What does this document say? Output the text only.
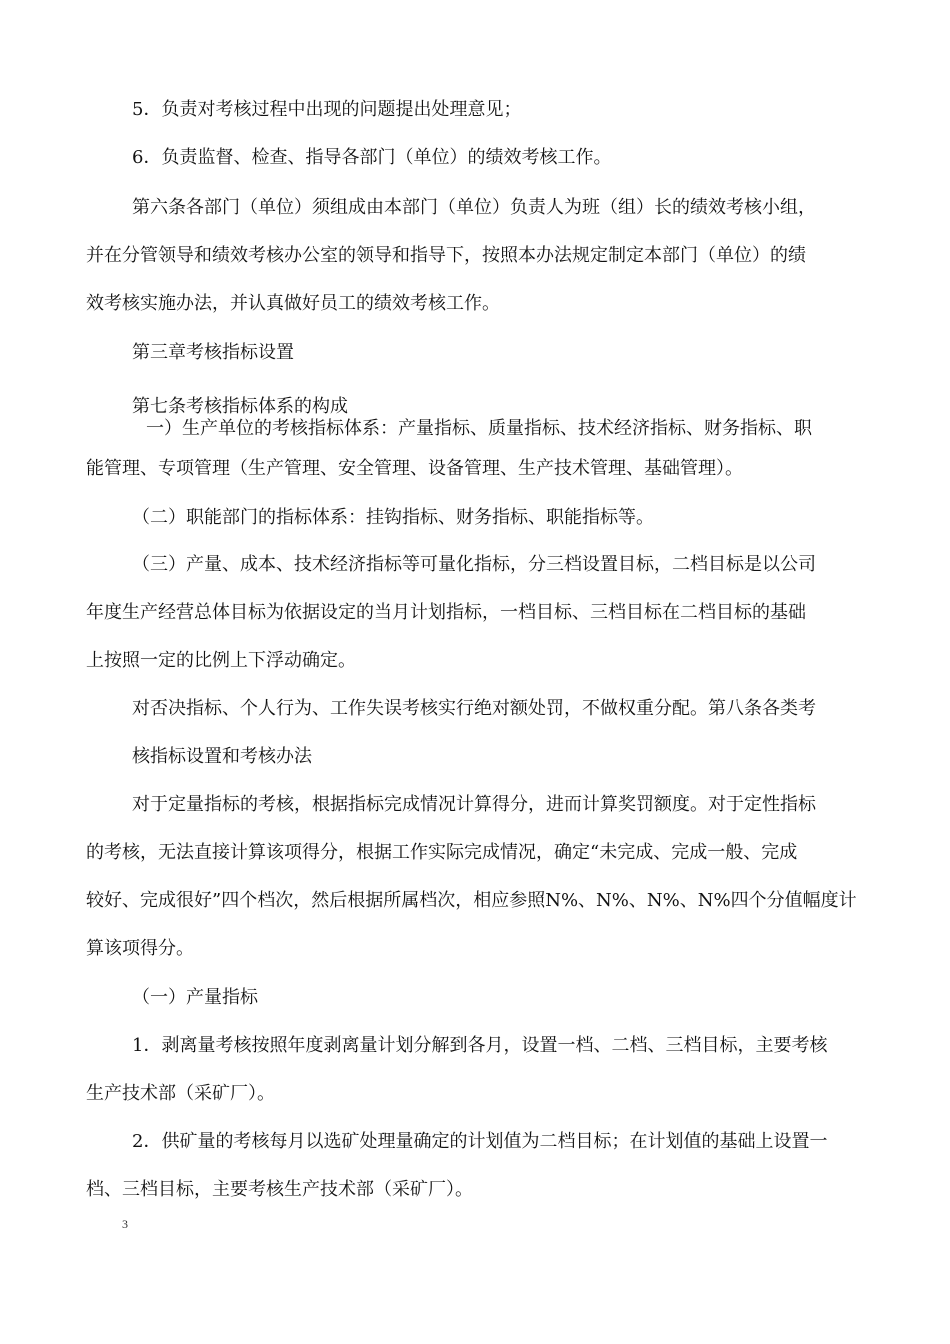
5．负责对考核过程中出现的问题提出处理意见；
6．负责监督、检查、指导各部门（单位）的绩效考核工作。
第六条各部门（单位）须组成由本部门（单位）负责人为班（组）长的绩效考核小组，
并在分管领导和绩效考核办公室的领导和指导下，按照本办法规定制定本部门（单位）的绩
效考核实施办法，并认真做好员工的绩效考核工作。
第三章考核指标设置
第七条考核指标体系的构成
一）生产单位的考核指标体系：产量指标、质量指标、技术经济指标、财务指标、职
能管理、专项管理（生产管理、安全管理、设备管理、生产技术管理、基础管理）。
（二）职能部门的指标体系：挂钩指标、财务指标、职能指标等。
（三）产量、成本、技术经济指标等可量化指标，分三档设置目标，二档目标是以公司
年度生产经营总体目标为依据设定的当月计划指标，一档目标、三档目标在二档目标的基础
上按照一定的比例上下浮动确定。
对否决指标、个人行为、工作失误考核实行绝对额处罚，不做权重分配。第八条各类考
核指标设置和考核办法
对于定量指标的考核，根据指标完成情况计算得分，进而计算奖罚额度。对于定性指标
的考核，无法直接计算该项得分，根据工作实际完成情况，确定“未完成、完成一般、完成
较好、完成很好”四个档次，然后根据所属档次，相应参照N%、N%、N%、N%四个分值幅度计
算该项得分。
（一）产量指标
1．剥离量考核按照年度剥离量计划分解到各月，设置一档、二档、三档目标，主要考核
生产技术部（采矿厂）。
2．供矿量的考核每月以选矿处理量确定的计划值为二档目标；在计划值的基础上设置一
档、三档目标，主要考核生产技术部（采矿厂）。
3
